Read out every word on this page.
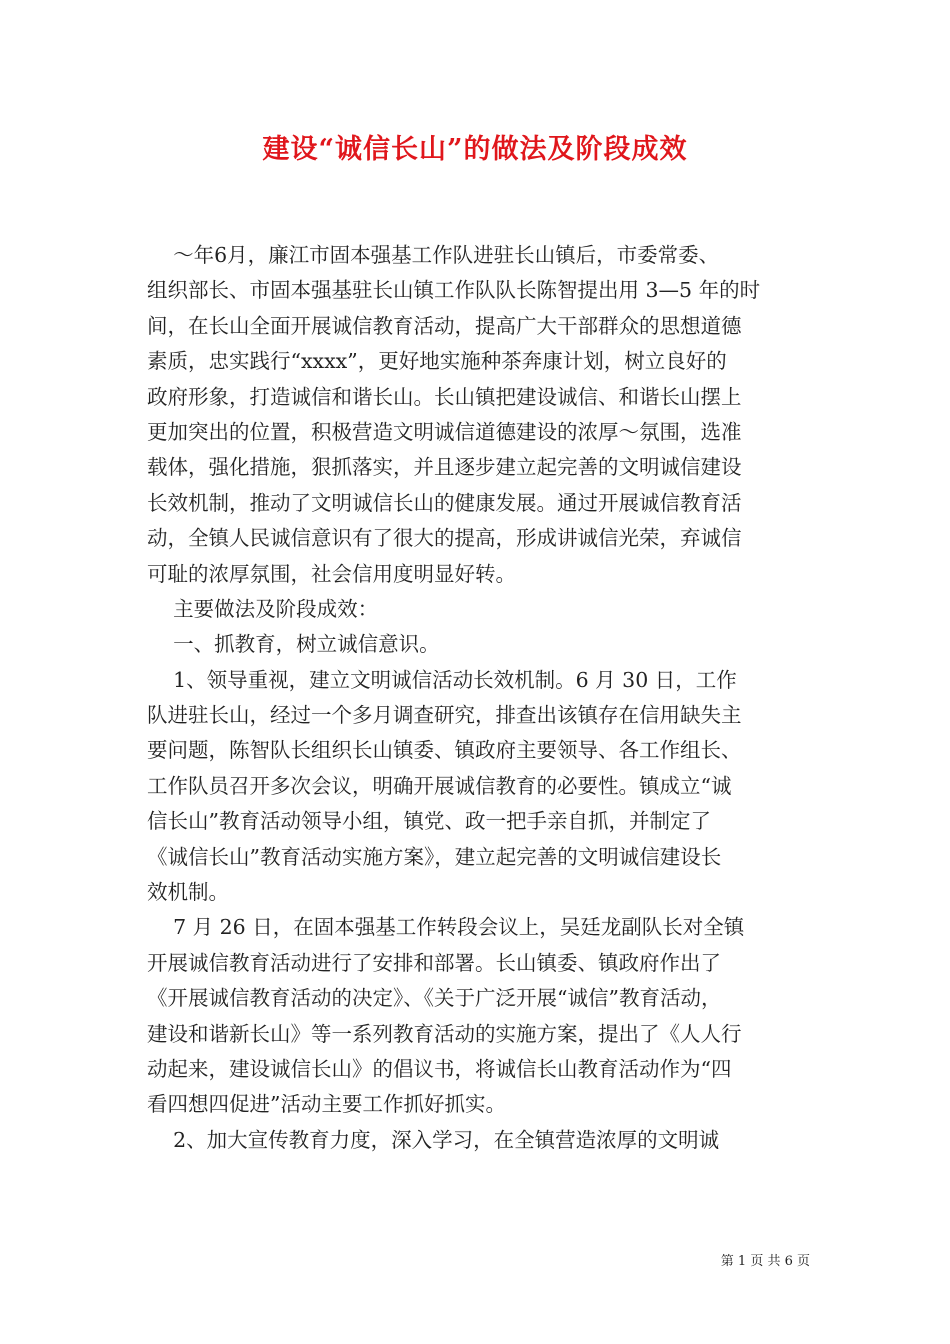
建设“诚信长山”的做法及阶段成效
～年6月，廉江市固本强基工作队进驻长山镇后，市委常委、
组织部长、市固本强基驻长山镇工作队队长陈智提出用 3—5 年的时
间，在长山全面开展诚信教育活动，提高广大干部群众的思想道德
素质，忠实践行“xxxx”，更好地实施种茶奔康计划，树立良好的
政府形象，打造诚信和谐长山。长山镇把建设诚信、和谐长山摆上
更加突出的位置，积极营造文明诚信道德建设的浓厚～氛围，选准
载体，强化措施，狠抓落实，并且逐步建立起完善的文明诚信建设
长效机制，推动了文明诚信长山的健康发展。通过开展诚信教育活
动，全镇人民诚信意识有了很大的提高，形成讲诚信光荣，弃诚信
可耻的浓厚氛围，社会信用度明显好转。
主要做法及阶段成效：
一、抓教育，树立诚信意识。
1、领导重视，建立文明诚信活动长效机制。6 月 30 日，工作
队进驻长山，经过一个多月调查研究，排查出该镇存在信用缺失主
要问题，陈智队长组织长山镇委、镇政府主要领导、各工作组长、
工作队员召开多次会议，明确开展诚信教育的必要性。镇成立“诚
信长山”教育活动领导小组，镇党、政一把手亲自抓，并制定了
《诚信长山”教育活动实施方案》，建立起完善的文明诚信建设长
效机制。
7 月 26 日，在固本强基工作转段会议上，吴廷龙副队长对全镇
开展诚信教育活动进行了安排和部署。长山镇委、镇政府作出了
《开展诚信教育活动的决定》、《关于广泛开展“诚信”教育活动，
建设和谐新长山》等一系列教育活动的实施方案，提出了《人人行
动起来，建设诚信长山》的倡议书，将诚信长山教育活动作为“四
看四想四促进”活动主要工作抓好抓实。
2、加大宣传教育力度，深入学习，在全镇营造浓厚的文明诚
第 1 页 共 6 页
